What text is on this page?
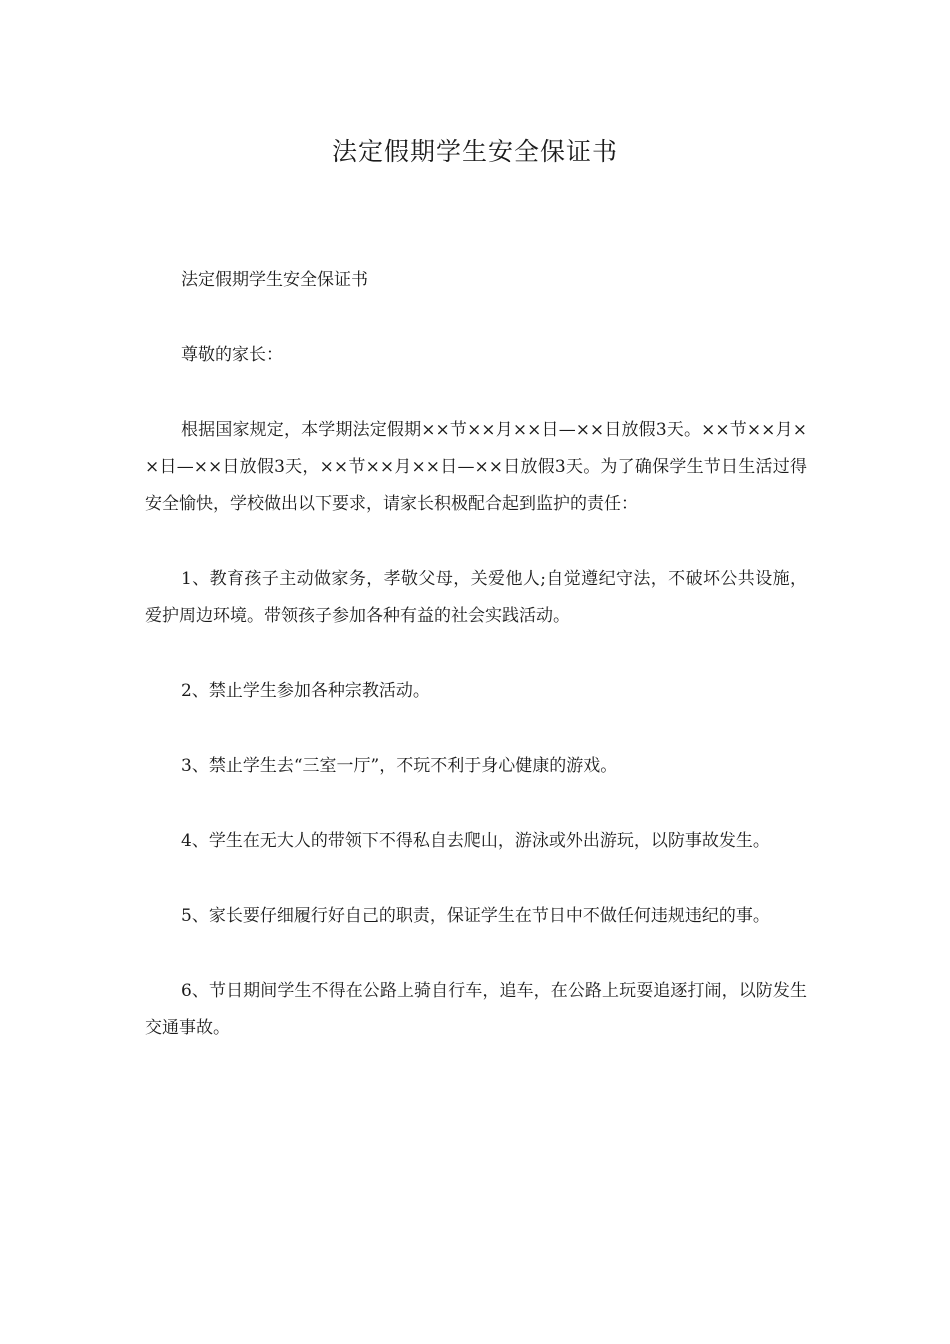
法定假期学生安全保证书

法定假期学生安全保证书

尊敬的家长：

根据国家规定，本学期法定假期××节××月××日—××日放假3天。××节××月××日—××日放假3天，××节××月××日—××日放假3天。为了确保学生节日生活过得安全愉快，学校做出以下要求，请家长积极配合起到监护的责任：

1、教育孩子主动做家务，孝敬父母，关爱他人;自觉遵纪守法，不破坏公共设施，爱护周边环境。带领孩子参加各种有益的社会实践活动。

2、禁止学生参加各种宗教活动。

3、禁止学生去“三室一厅”，不玩不利于身心健康的游戏。

4、学生在无大人的带领下不得私自去爬山，游泳或外出游玩，以防事故发生。

5、家长要仔细履行好自己的职责，保证学生在节日中不做任何违规违纪的事。

6、节日期间学生不得在公路上骑自行车，追车，在公路上玩耍追逐打闹，以防发生交通事故。
